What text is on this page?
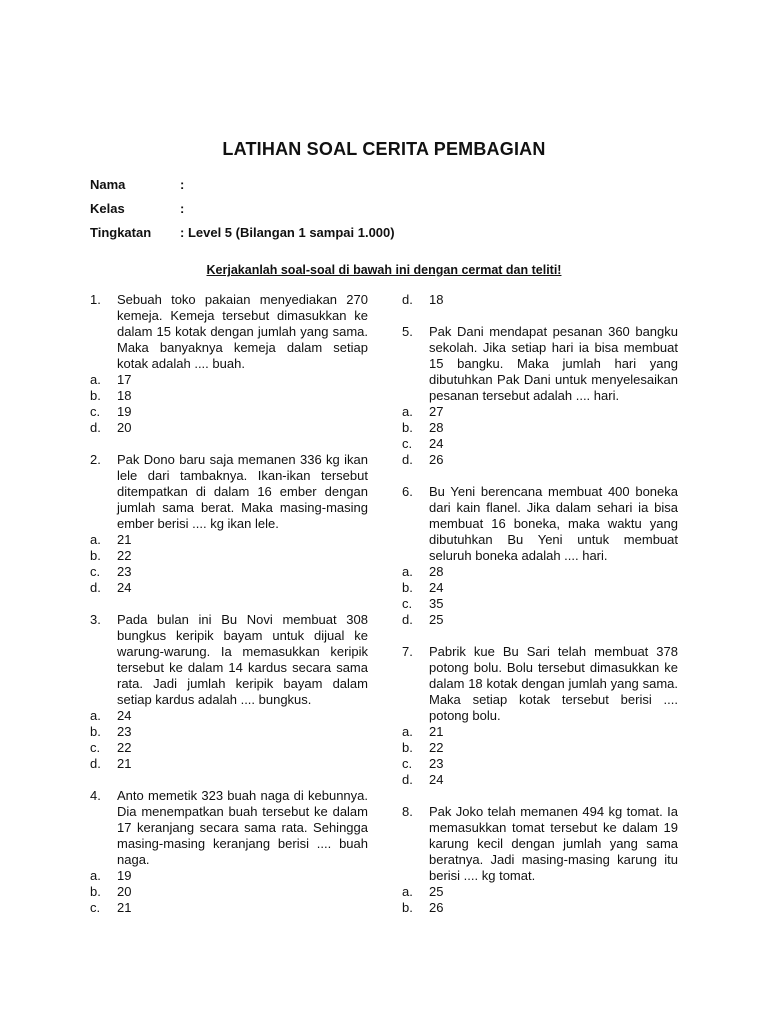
LATIHAN SOAL CERITA PEMBAGIAN
Nama	:
Kelas	:
Tingkatan : Level 5 (Bilangan 1 sampai 1.000)
Kerjakanlah soal-soal di bawah ini dengan cermat dan teliti!
1. Sebuah toko pakaian menyediakan 270 kemeja. Kemeja tersebut dimasukkan ke dalam 15 kotak dengan jumlah yang sama. Maka banyaknya kemeja dalam setiap kotak adalah .... buah.
a. 17
b. 18
c. 19
d. 20
2. Pak Dono baru saja memanen 336 kg ikan lele dari tambaknya. Ikan-ikan tersebut ditempatkan di dalam 16 ember dengan jumlah sama berat. Maka masing-masing ember berisi .... kg ikan lele.
a. 21
b. 22
c. 23
d. 24
3. Pada bulan ini Bu Novi membuat 308 bungkus keripik bayam untuk dijual ke warung-warung. Ia memasukkan keripik tersebut ke dalam 14 kardus secara sama rata. Jadi jumlah keripik bayam dalam setiap kardus adalah .... bungkus.
a. 24
b. 23
c. 22
d. 21
4. Anto memetik 323 buah naga di kebunnya. Dia menempatkan buah tersebut ke dalam 17 keranjang secara sama rata. Sehingga masing-masing keranjang berisi .... buah naga.
a. 19
b. 20
c. 21
d. 18
5. Pak Dani mendapat pesanan 360 bangku sekolah. Jika setiap hari ia bisa membuat 15 bangku. Maka jumlah hari yang dibutuhkan Pak Dani untuk menyelesaikan pesanan tersebut adalah .... hari.
a. 27
b. 28
c. 24
d. 26
6. Bu Yeni berencana membuat 400 boneka dari kain flanel. Jika dalam sehari ia bisa membuat 16 boneka, maka waktu yang dibutuhkan Bu Yeni untuk membuat seluruh boneka adalah .... hari.
a. 28
b. 24
c. 35
d. 25
7. Pabrik kue Bu Sari telah membuat 378 potong bolu. Bolu tersebut dimasukkan ke dalam 18 kotak dengan jumlah yang sama. Maka setiap kotak tersebut berisi .... potong bolu.
a. 21
b. 22
c. 23
d. 24
8. Pak Joko telah memanen 494 kg tomat. Ia memasukkan tomat tersebut ke dalam 19 karung kecil dengan jumlah yang sama beratnya. Jadi masing-masing karung itu berisi .... kg tomat.
a. 25
b. 26
